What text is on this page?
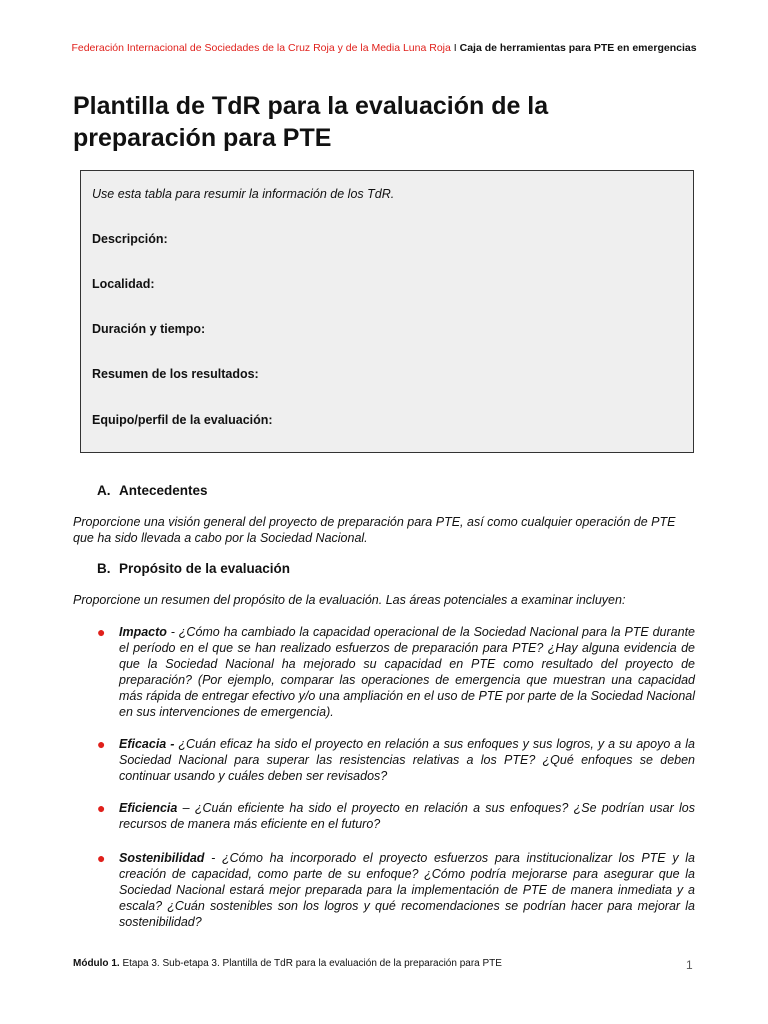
Federación Internacional de Sociedades de la Cruz Roja y de la Media Luna Roja I Caja de herramientas para PTE en emergencias
Plantilla de TdR para la evaluación de la preparación para PTE
Use esta tabla para resumir la información de los TdR.
Descripción:
Localidad:
Duración y tiempo:
Resumen de los resultados:
Equipo/perfil de la evaluación:
A. Antecedentes

Proporcione una visión general del proyecto de preparación para PTE, así como cualquier operación de PTE que ha sido llevada a cabo por la Sociedad Nacional.

B. Propósito de la evaluación

Proporcione un resumen del propósito de la evaluación. Las áreas potenciales a examinar incluyen:

● Impacto - ¿Cómo ha cambiado la capacidad operacional de la Sociedad Nacional para la PTE durante el período en el que se han realizado esfuerzos de preparación para PTE? ¿Hay alguna evidencia de que la Sociedad Nacional ha mejorado su capacidad en PTE como resultado del proyecto de preparación? (Por ejemplo, comparar las operaciones de emergencia que muestran una capacidad más rápida de entregar efectivo y/o una ampliación en el uso de PTE por parte de la Sociedad Nacional en sus intervenciones de emergencia).
● Eficacia - ¿Cuán eficaz ha sido el proyecto en relación a sus enfoques y sus logros, y a su apoyo a la Sociedad Nacional para superar las resistencias relativas a los PTE? ¿Qué enfoques se deben continuar usando y cuáles deben ser revisados?
● Eficiencia – ¿Cuán eficiente ha sido el proyecto en relación a sus enfoques? ¿Se podrían usar los recursos de manera más eficiente en el futuro?
● Sostenibilidad - ¿Cómo ha incorporado el proyecto esfuerzos para institucionalizar los PTE y la creación de capacidad, como parte de su enfoque? ¿Cómo podría mejorarse para asegurar que la Sociedad Nacional estará mejor preparada para la implementación de PTE de manera inmediata y a escala? ¿Cuán sostenibles son los logros y qué recomendaciones se podrían hacer para mejorar la sostenibilidad?
Módulo 1. Etapa 3. Sub-etapa 3. Plantilla de TdR para la evaluación de la preparación para PTE	1
